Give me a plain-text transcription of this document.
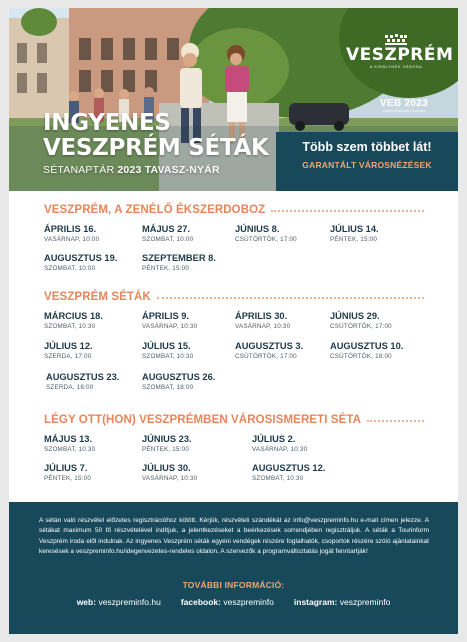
VESZPRÉM
A KIRÁLYNÉK VÁROSA
VEB 2023
Európa Kulturális Fővárosa
INGYENES
VESZPRÉM SÉTÁK
SÉTANAPTÁR 2023 TAVASZ-NYÁR
Több szem többet lát!
GARANTÁLT VÁROSNÉZÉSEK
VESZPRÉM, A ZENÉLŐ ÉKSZERDOBOZ
ÁPRILIS 16.
VASÁRNAP, 10:00
MÁJUS 27.
SZOMBAT, 10:00
JÚNIUS 8.
CSÜTÖRTÖK, 17:00
JÚLIUS 14.
PÉNTEK, 15:00
AUGUSZTUS 19.
SZOMBAT, 10:00
SZEPTEMBER 8.
PÉNTEK, 15:00
VESZPRÉM SÉTÁK
MÁRCIUS 18.
SZOMBAT, 10:30
ÁPRILIS 9.
VASÁRNAP, 10:30
ÁPRILIS 30.
VASÁRNAP, 10:30
JÚNIUS 29.
CSÜTÖRTÖK, 17:00
JÚLIUS 12.
SZERDA, 17:00
JÚLIUS 15.
SZOMBAT, 10:30
AUGUSZTUS 3.
CSÜTÖRTÖK, 17:00
AUGUSZTUS 10.
CSÜTÖRTÖK, 18:00
AUGUSZTUS 23.
SZERDA, 18:00
AUGUSZTUS 26.
SZOMBAT, 18:00
LÉGY OTT(HON) VESZPRÉMBEN VÁROSISMERETI SÉTA
MÁJUS 13.
SZOMBAT, 10:30
JÚNIUS 23.
PÉNTEK, 15:00
JÚLIUS 2.
VASÁRNAP, 10:30
JÚLIUS 7.
PÉNTEK, 15:00
JÚLIUS 30.
VASÁRNAP, 10:30
AUGUSZTUS 12.
SZOMBAT, 10:30
A sétán való részvétel előzetes regisztrációhoz kötött. Kérjük, részvételi szándékát az info@veszpreminfo.hu e-mail címen jelezze. A sétákat maximum 50 fő részvételével indítjuk, a jelentkezéseket a beérkezések sorrendjében regisztráljuk. A séták a Tourinform Veszprém iroda elől indulnak. Az ingyenes Veszprém séták egyéni vendégek részére foglalhatók, csoportok részére szóló ajánlatainkat keresések a veszpreminfo.hu/idegenvezetes-rendeles oldalon. A szervezők a programváltoztatás jogát fenntartják!
TOVÁBBI INFORMÁCIÓ:
web: veszpreminfo.hu facebook: veszpreminfo instagram: veszpreminfo
